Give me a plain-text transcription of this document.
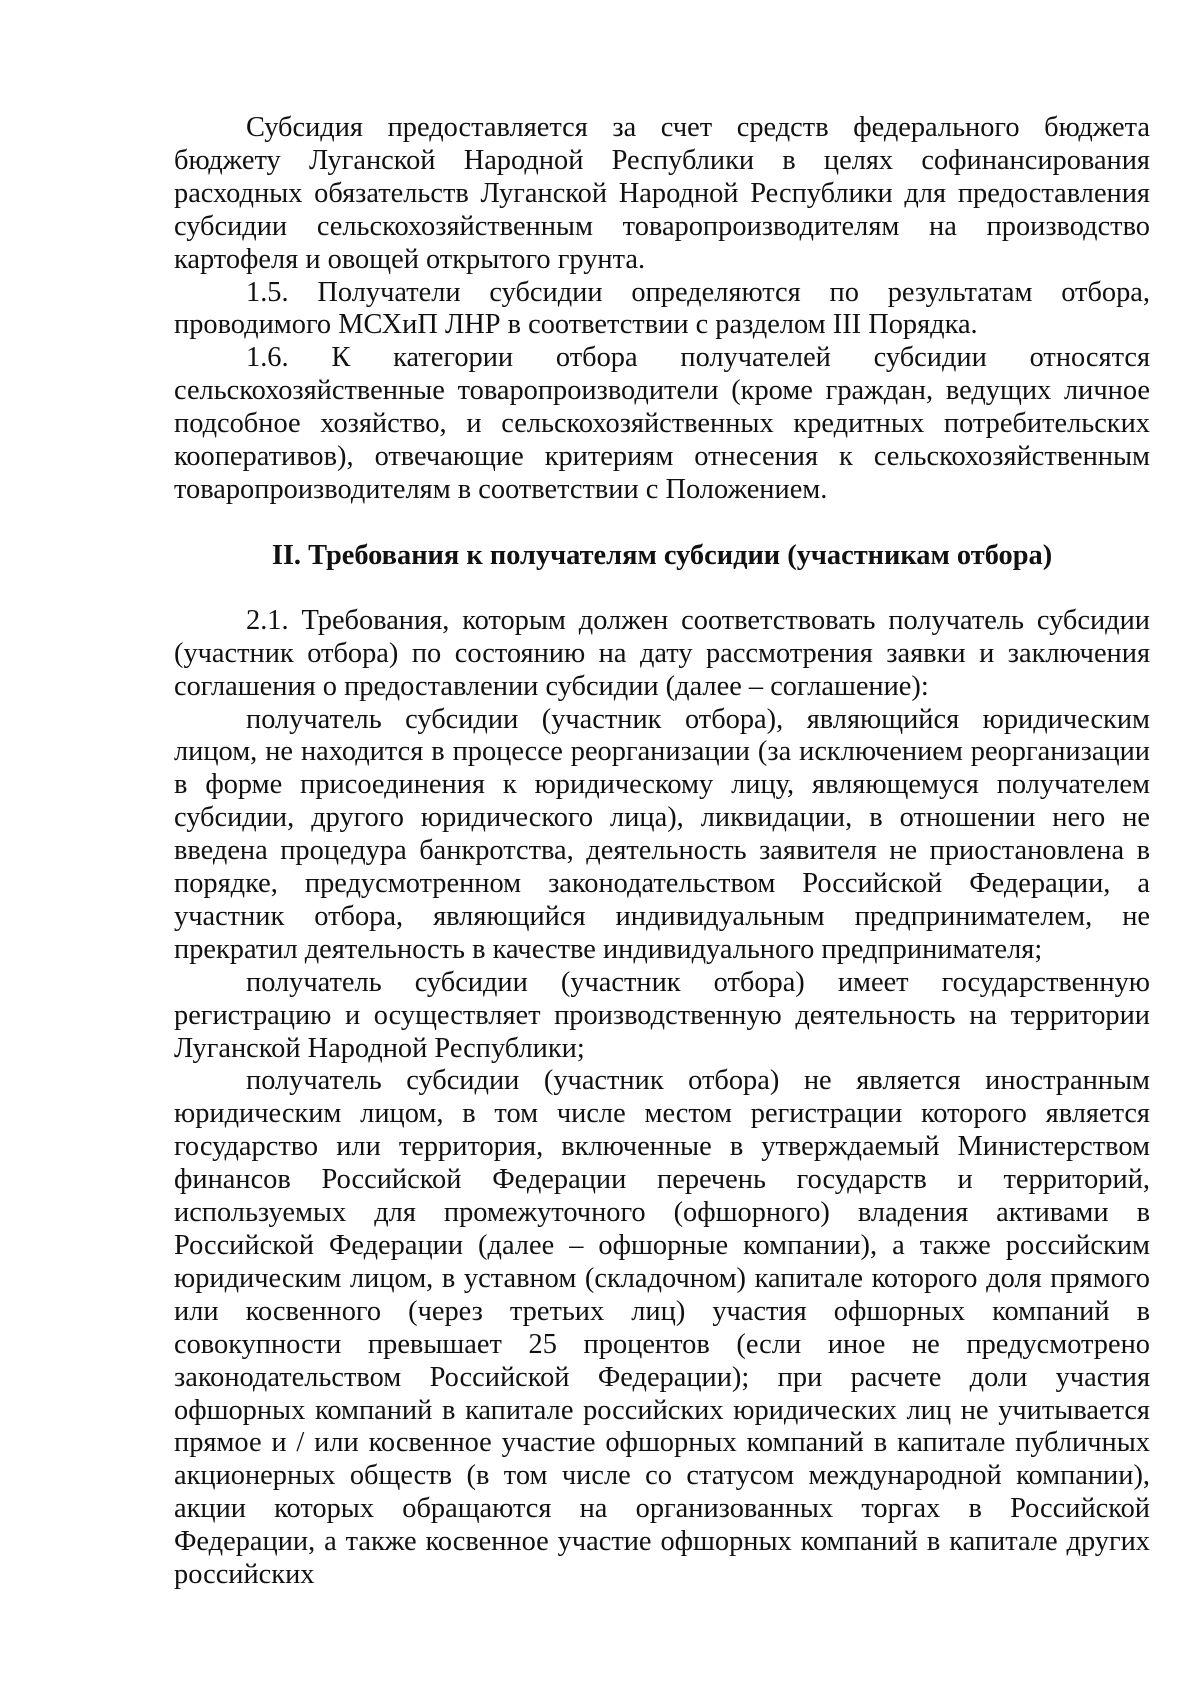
Субсидия предоставляется за счет средств федерального бюджета бюджету Луганской Народной Республики в целях софинансирования расходных обязательств Луганской Народной Республики для предоставления субсидии сельскохозяйственным товаропроизводителям на производство картофеля и овощей открытого грунта.

1.5. Получатели субсидии определяются по результатам отбора, проводимого МСХиП ЛНР в соответствии с разделом III Порядка.

1.6. К категории отбора получателей субсидии относятся сельскохозяйственные товаропроизводители (кроме граждан, ведущих личное подсобное хозяйство, и сельскохозяйственных кредитных потребительских кооперативов), отвечающие критериям отнесения к сельскохозяйственным товаропроизводителям в соответствии с Положением.

II. Требования к получателям субсидии (участникам отбора)

2.1. Требования, которым должен соответствовать получатель субсидии (участник отбора) по состоянию на дату рассмотрения заявки и заключения соглашения о предоставлении субсидии (далее – соглашение):

получатель субсидии (участник отбора), являющийся юридическим лицом, не находится в процессе реорганизации (за исключением реорганизации в форме присоединения к юридическому лицу, являющемуся получателем субсидии, другого юридического лица), ликвидации, в отношении него не введена процедура банкротства, деятельность заявителя не приостановлена в порядке, предусмотренном законодательством Российской Федерации, а участник отбора, являющийся индивидуальным предпринимателем, не прекратил деятельность в качестве индивидуального предпринимателя;

получатель субсидии (участник отбора) имеет государственную регистрацию и осуществляет производственную деятельность на территории Луганской Народной Республики;

получатель субсидии (участник отбора) не является иностранным юридическим лицом, в том числе местом регистрации которого является государство или территория, включенные в утверждаемый Министерством финансов Российской Федерации перечень государств и территорий, используемых для промежуточного (офшорного) владения активами в Российской Федерации (далее – офшорные компании), а также российским юридическим лицом, в уставном (складочном) капитале которого доля прямого или косвенного (через третьих лиц) участия офшорных компаний в совокупности превышает 25 процентов (если иное не предусмотрено законодательством Российской Федерации); при расчете доли участия офшорных компаний в капитале российских юридических лиц не учитывается прямое и / или косвенное участие офшорных компаний в капитале публичных акционерных обществ (в том числе со статусом международной компании), акции которых обращаются на организованных торгах в Российской Федерации, а также косвенное участие офшорных компаний в капитале других российских
